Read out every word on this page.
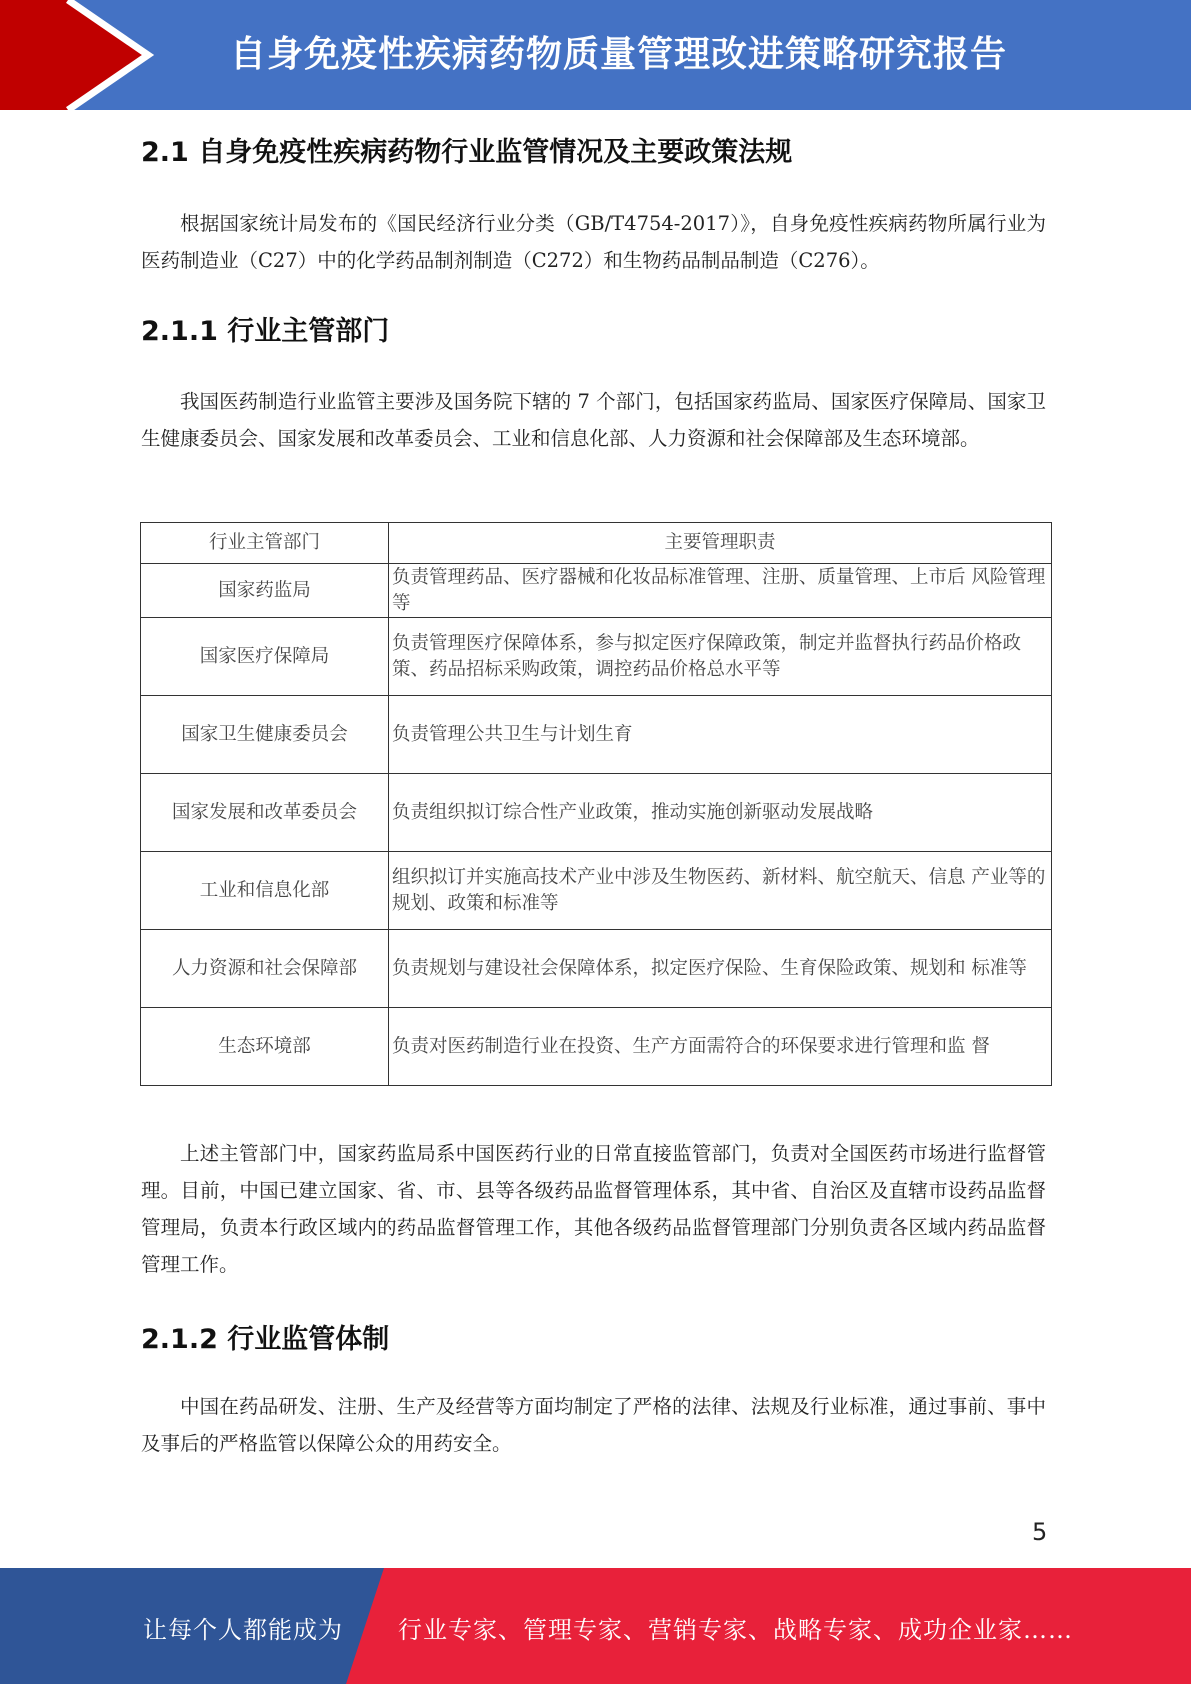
自身免疫性疾病药物质量管理改进策略研究报告
2.1 自身免疫性疾病药物行业监管情况及主要政策法规
根据国家统计局发布的《国民经济行业分类（GB/T4754-2017）》，自身免疫性疾病药物所属行业为医药制造业（C27）中的化学药品制剂制造（C272）和生物药品制品制造（C276）。
2.1.1 行业主管部门
我国医药制造行业监管主要涉及国务院下辖的 7 个部门，包括国家药监局、国家医疗保障局、国家卫生健康委员会、国家发展和改革委员会、工业和信息化部、人力资源和社会保障部及生态环境部。
行业主管部门	主要管理职责
国家药监局	负责管理药品、医疗器械和化妆品标准管理、注册、质量管理、上市后 风险管理等
国家医疗保障局	负责管理医疗保障体系，参与拟定医疗保障政策，制定并监督执行药品价格政策、药品招标采购政策，调控药品价格总水平等
国家卫生健康委员会	负责管理公共卫生与计划生育
国家发展和改革委员会	负责组织拟订综合性产业政策，推动实施创新驱动发展战略
工业和信息化部	组织拟订并实施高技术产业中涉及生物医药、新材料、航空航天、信息 产业等的规划、政策和标准等
人力资源和社会保障部	负责规划与建设社会保障体系，拟定医疗保险、生育保险政策、规划和 标准等
生态环境部	负责对医药制造行业在投资、生产方面需符合的环保要求进行管理和监 督
上述主管部门中，国家药监局系中国医药行业的日常直接监管部门，负责对全国医药市场进行监督管理。目前，中国已建立国家、省、市、县等各级药品监督管理体系，其中省、自治区及直辖市设药品监督管理局，负责本行政区域内的药品监督管理工作，其他各级药品监督管理部门分别负责各区域内药品监督管理工作。
2.1.2 行业监管体制
中国在药品研发、注册、生产及经营等方面均制定了严格的法律、法规及行业标准，通过事前、事中及事后的严格监管以保障公众的用药安全。
5
让每个人都能成为 行业专家、管理专家、营销专家、战略专家、成功企业家……
